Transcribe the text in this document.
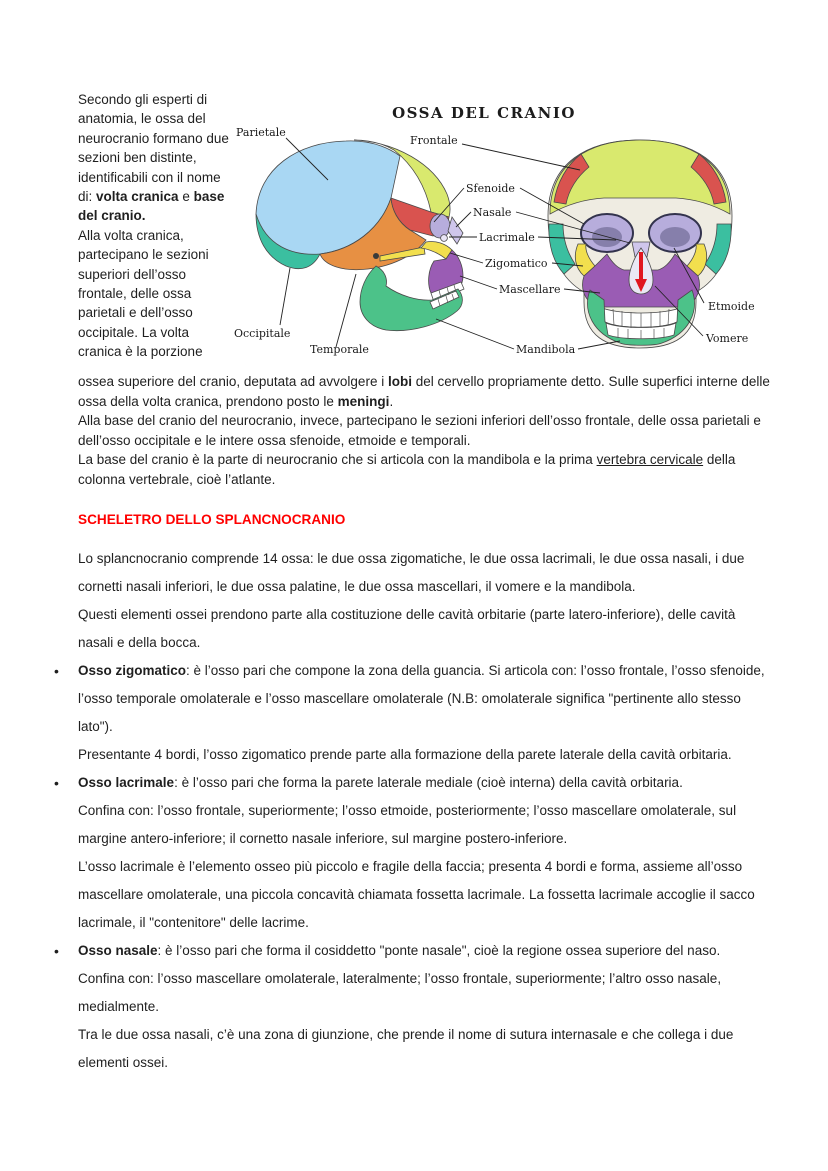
Secondo gli esperti di anatomia, le ossa del neurocranio formano due sezioni ben distinte, identificabili con il nome di: volta cranica e base del cranio.
Alla volta cranica, partecipano le sezioni superiori dell’osso frontale, delle ossa parietali e dell’osso occipitale. La volta cranica è la porzione
OSSA DEL CRANIO
Parietale
Frontale
Sfenoide
Nasale
Lacrimale
Zigomatico
Mascellare
Occipitale
Temporale	Mandibola
Etmoide
Vomere

ossea superiore del cranio, deputata ad avvolgere i lobi del cervello propriamente detto. Sulle superfici interne delle ossa della volta cranica, prendono posto le meningi.

Alla base del cranio del neurocranio, invece, partecipano le sezioni inferiori dell’osso frontale, delle ossa parietali e dell’osso occipitale e le intere ossa sfenoide, etmoide e temporali.

La base del cranio è la parte di neurocranio che si articola con la mandibola e la prima vertebra cervicale della colonna vertebrale, cioè l’atlante.

SCHELETRO DELLO SPLANCNOCRANIO

Lo splancnocranio comprende 14 ossa: le due ossa zigomatiche, le due ossa lacrimali, le due ossa nasali, i due cornetti nasali inferiori, le due ossa palatine, le due ossa mascellari, il vomere e la mandibola.

Questi elementi ossei prendono parte alla costituzione delle cavità orbitarie (parte latero-inferiore), delle cavità nasali e della bocca.

• Osso zigomatico: è l’osso pari che compone la zona della guancia. Si articola con: l’osso frontale, l’osso sfenoide, l’osso temporale omolaterale e l’osso mascellare omolaterale (N.B: omolaterale significa "pertinente allo stesso lato").

Presentante 4 bordi, l’osso zigomatico prende parte alla formazione della parete laterale della cavità orbitaria.

• Osso lacrimale: è l’osso pari che forma la parete laterale mediale (cioè interna) della cavità orbitaria.

Confina con: l’osso frontale, superiormente; l’osso etmoide, posteriormente; l’osso mascellare omolaterale, sul margine antero-inferiore; il cornetto nasale inferiore, sul margine postero-inferiore.

L’osso lacrimale è l’elemento osseo più piccolo e fragile della faccia; presenta 4 bordi e forma, assieme all’osso mascellare omolaterale, una piccola concavità chiamata fossetta lacrimale. La fossetta lacrimale accoglie il sacco lacrimale, il "contenitore" delle lacrime.

• Osso nasale: è l’osso pari che forma il cosiddetto "ponte nasale", cioè la regione ossea superiore del naso.

Confina con: l’osso mascellare omolaterale, lateralmente; l’osso frontale, superiormente; l’altro osso nasale, medialmente.

Tra le due ossa nasali, c’è una zona di giunzione, che prende il nome di sutura internasale e che collega i due elementi ossei.
